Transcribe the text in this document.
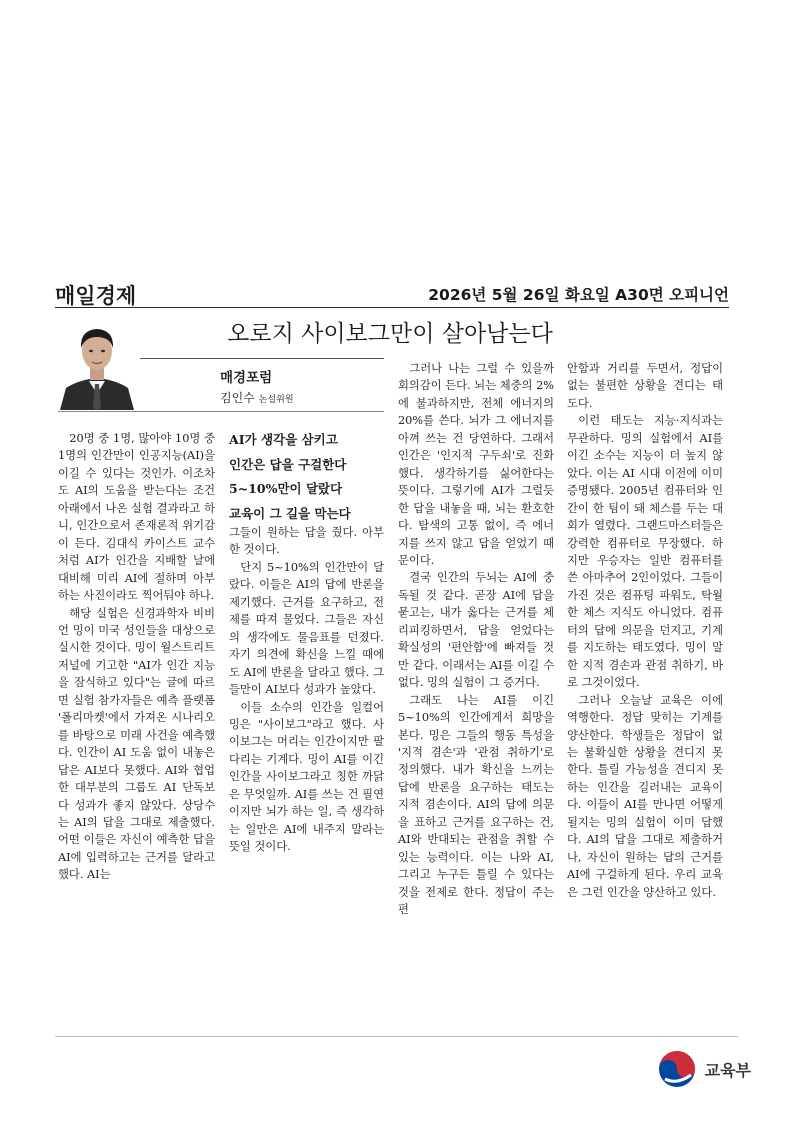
매일경제	2026년 5월 26일 화요일 A30면 오피니언
오로지 사이보그만이 살아남는다
매경포럼
김인수 논설위원
AI가 생각을 삼키고
인간은 답을 구걸한다
5~10%만이 달랐다
교육이 그 길을 막는다

20명 중 1명, 많아야 10명 중 1명의 인간만이 인공지능(AI)을 이길 수 있다는 것인가. 이조차도 AI의 도움을 받는다는 조건 아래에서 나온 실험 결과라고 하니, 인간으로서 존재론적 위기감이 든다. 김대식 카이스트 교수처럼 AI가 인간을 지배할 날에 대비해 미리 AI에 절하며 아부하는 사진이라도 찍어둬야 하나.

해당 실험은 신경과학자 비비언 밍이 미국 성인들을 대상으로 실시한 것이다. 밍이 월스트리트저널에 기고한 "AI가 인간 지능을 잠식하고 있다"는 글에 따르면 실험 참가자들은 예측 플랫폼 '폴리마켓'에서 가져온 시나리오를 바탕으로 미래 사건을 예측했다. 인간이 AI 도움 없이 내놓은 답은 AI보다 못했다. AI와 협업한 대부분의 그룹도 AI 단독보다 성과가 좋지 않았다. 상당수는 AI의 답을 그대로 제출했다. 어떤 이들은 자신이 예측한 답을 AI에 입력하고는 근거를 달라고 했다. AI는

그들이 원하는 답을 줬다. 아부한 것이다.

단지 5~10%의 인간만이 달랐다. 이들은 AI의 답에 반론을 제기했다. 근거를 요구하고, 전제를 따져 물었다. 그들은 자신의 생각에도 물음표를 던졌다. 자기 의견에 확신을 느낄 때에도 AI에 반론을 달라고 했다. 그들만이 AI보다 성과가 높았다.

이들 소수의 인간을 일컬어 밍은 "사이보그"라고 했다. 사이보그는 머리는 인간이지만 팔다리는 기계다. 밍이 AI를 이긴 인간을 사이보그라고 칭한 까닭은 무엇일까. AI를 쓰는 건 필연이지만 뇌가 하는 일, 즉 생각하는 일만은 AI에 내주지 말라는 뜻일 것이다.

그러나 나는 그럴 수 있을까 회의감이 든다. 뇌는 체중의 2%에 불과하지만, 전체 에너지의 20%를 쓴다. 뇌가 그 에너지를 아껴 쓰는 건 당연하다. 그래서 인간은 '인지적 구두쇠'로 진화했다. 생각하기를 싫어한다는 뜻이다. 그렇기에 AI가 그럴듯한 답을 내놓을 때, 뇌는 환호한다. 탐색의 고통 없이, 즉 에너지를 쓰지 않고 답을 얻었기 때문이다.

결국 인간의 두뇌는 AI에 중독될 것 같다. 곧장 AI에 답을 묻고는, 내가 옳다는 근거를 체리피킹하면서, 답을 얻었다는 확실성의 '편안함'에 빠져들 것만 같다. 이래서는 AI를 이길 수 없다. 밍의 실험이 그 증거다.

그래도 나는 AI를 이긴 5~10%의 인간에게서 희망을 본다. 밍은 그들의 행동 특성을 '지적 겸손'과 '관점 취하기'로 정의했다. 내가 확신을 느끼는 답에 반론을 요구하는 태도는 지적 겸손이다. AI의 답에 의문을 표하고 근거를 요구하는 건, AI와 반대되는 관점을 취할 수 있는 능력이다. 이는 나와 AI, 그리고 누구든 틀릴 수 있다는 것을 전제로 한다. 정답이 주는 편

안함과 거리를 두면서, 정답이 없는 불편한 상황을 견디는 태도다.

이런 태도는 지능·지식과는 무관하다. 밍의 실험에서 AI를 이긴 소수는 지능이 더 높지 않았다. 이는 AI 시대 이전에 이미 증명됐다. 2005년 컴퓨터와 인간이 한 팀이 돼 체스를 두는 대회가 열렸다. 그랜드마스터들은 강력한 컴퓨터로 무장했다. 하지만 우승자는 일반 컴퓨터를 쓴 아마추어 2인이었다. 그들이 가진 것은 컴퓨팅 파워도, 탁월한 체스 지식도 아니었다. 컴퓨터의 답에 의문을 던지고, 기계를 지도하는 태도였다. 밍이 말한 지적 겸손과 관점 취하기, 바로 그것이었다.

그러나 오늘날 교육은 이에 역행한다. 정답 맞히는 기계를 양산한다. 학생들은 정답이 없는 불확실한 상황을 견디지 못한다. 틀릴 가능성을 견디지 못하는 인간을 길러내는 교육이다. 이들이 AI를 만나면 어떻게 될지는 밍의 실험이 이미 답했다. AI의 답을 그대로 제출하거나, 자신이 원하는 답의 근거를 AI에 구걸하게 된다. 우리 교육은 그런 인간을 양산하고 있다.

교육부
